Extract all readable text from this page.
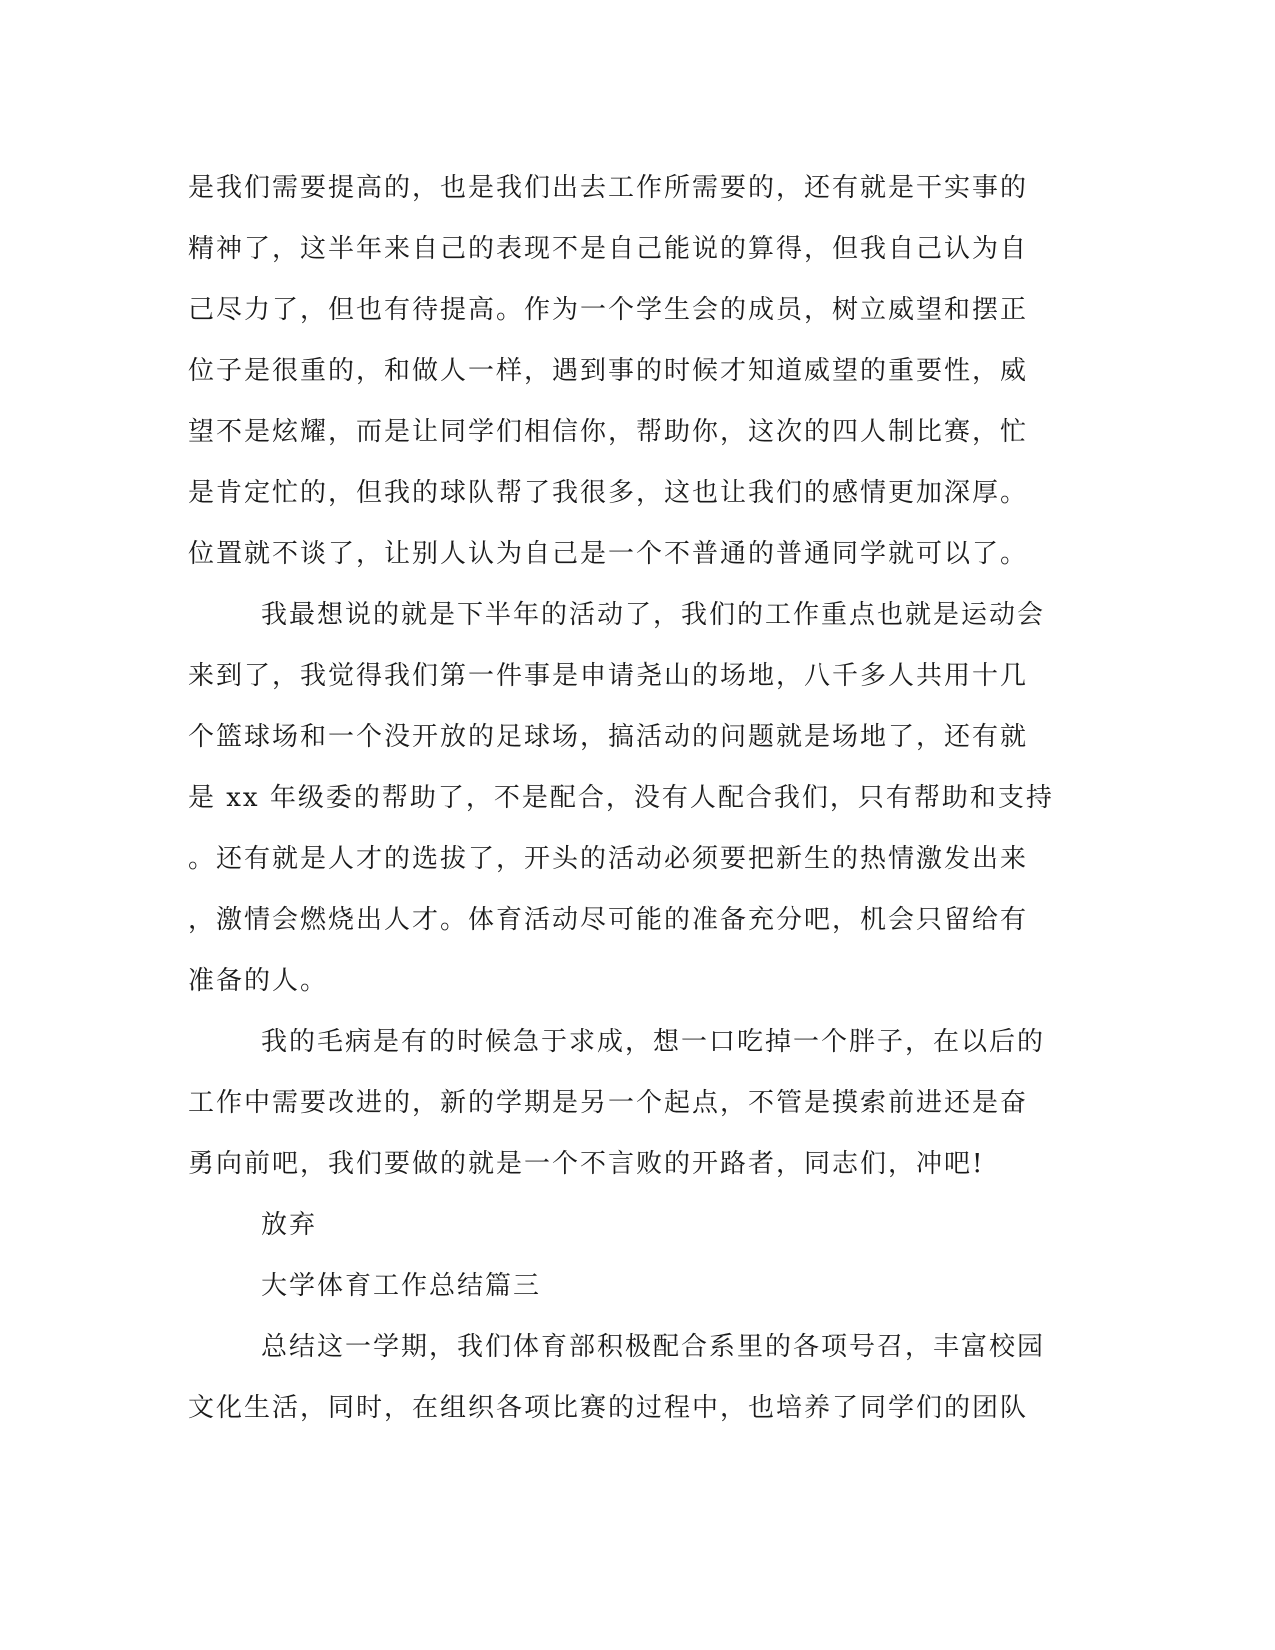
是我们需要提高的，也是我们出去工作所需要的，还有就是干实事的
精神了，这半年来自己的表现不是自己能说的算得，但我自己认为自
己尽力了，但也有待提高。作为一个学生会的成员，树立威望和摆正
位子是很重的，和做人一样，遇到事的时候才知道威望的重要性，威
望不是炫耀，而是让同学们相信你，帮助你，这次的四人制比赛，忙
是肯定忙的，但我的球队帮了我很多，这也让我们的感情更加深厚。
位置就不谈了，让别人认为自己是一个不普通的普通同学就可以了。
我最想说的就是下半年的活动了，我们的工作重点也就是运动会
来到了，我觉得我们第一件事是申请尧山的场地，八千多人共用十几
个篮球场和一个没开放的足球场，搞活动的问题就是场地了，还有就
是 xx 年级委的帮助了，不是配合，没有人配合我们，只有帮助和支持
。还有就是人才的选拔了，开头的活动必须要把新生的热情激发出来
，激情会燃烧出人才。体育活动尽可能的准备充分吧，机会只留给有
准备的人。
我的毛病是有的时候急于求成，想一口吃掉一个胖子，在以后的
工作中需要改进的，新的学期是另一个起点，不管是摸索前进还是奋
勇向前吧，我们要做的就是一个不言败的开路者，同志们，冲吧!
放弃
大学体育工作总结篇三
总结这一学期，我们体育部积极配合系里的各项号召，丰富校园
文化生活，同时，在组织各项比赛的过程中，也培养了同学们的团队
